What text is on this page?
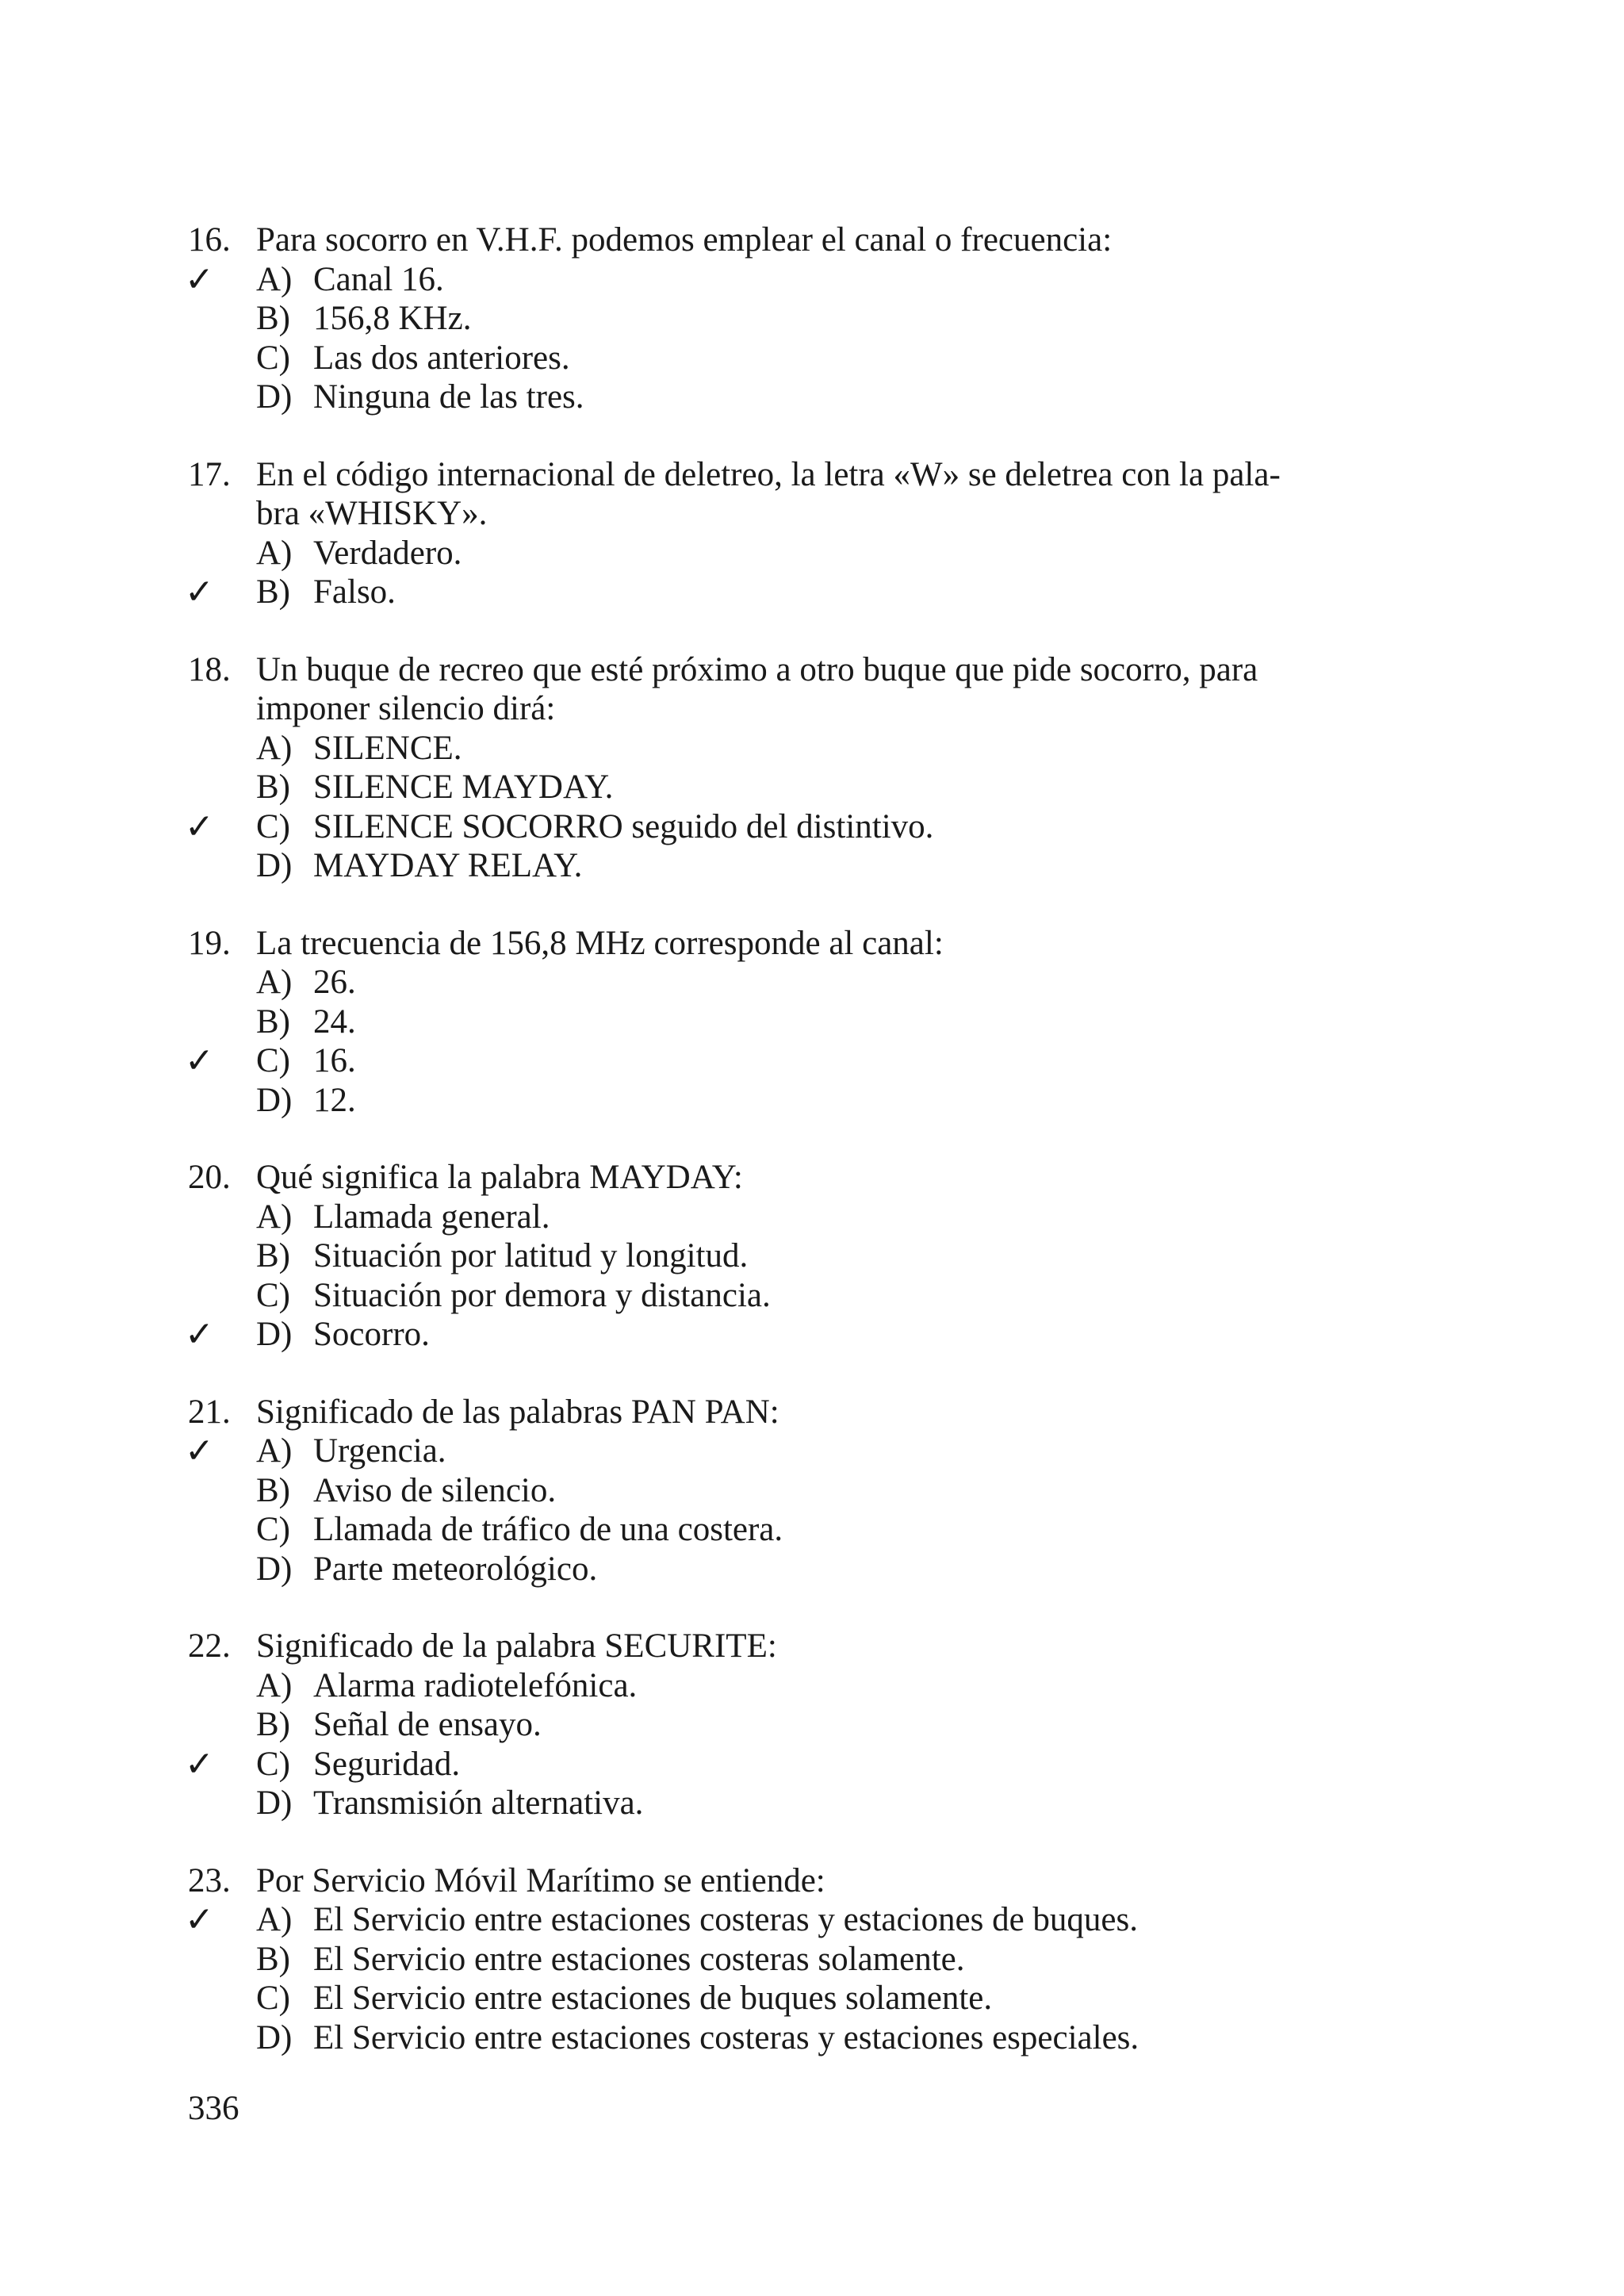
16. Para socorro en V.H.F. podemos emplear el canal o frecuencia:
✓ A) Canal 16.
B) 156,8 KHz.
C) Las dos anteriores.
D) Ninguna de las tres.
17. En el código internacional de deletreo, la letra «W» se deletrea con la pala-
bra «WHISKY».
A) Verdadero.
✓ B) Falso.
18. Un buque de recreo que esté próximo a otro buque que pide socorro, para
imponer silencio dirá:
A) SILENCE.
B) SILENCE MAYDAY.
✓ C) SILENCE SOCORRO seguido del distintivo.
D) MAYDAY RELAY.
19. La trecuencia de 156,8 MHz corresponde al canal:
A) 26.
B) 24.
✓ C) 16.
D) 12.
20. Qué significa la palabra MAYDAY:
A) Llamada general.
B) Situación por latitud y longitud.
C) Situación por demora y distancia.
✓ D) Socorro.
21. Significado de las palabras PAN PAN:
✓ A) Urgencia.
B) Aviso de silencio.
C) Llamada de tráfico de una costera.
D) Parte meteorológico.
22. Significado de la palabra SECURITE:
A) Alarma radiotelefónica.
B) Señal de ensayo.
✓ C) Seguridad.
D) Transmisión alternativa.
23. Por Servicio Móvil Marítimo se entiende:
✓ A) El Servicio entre estaciones costeras y estaciones de buques.
B) El Servicio entre estaciones costeras solamente.
C) El Servicio entre estaciones de buques solamente.
D) El Servicio entre estaciones costeras y estaciones especiales.
336
